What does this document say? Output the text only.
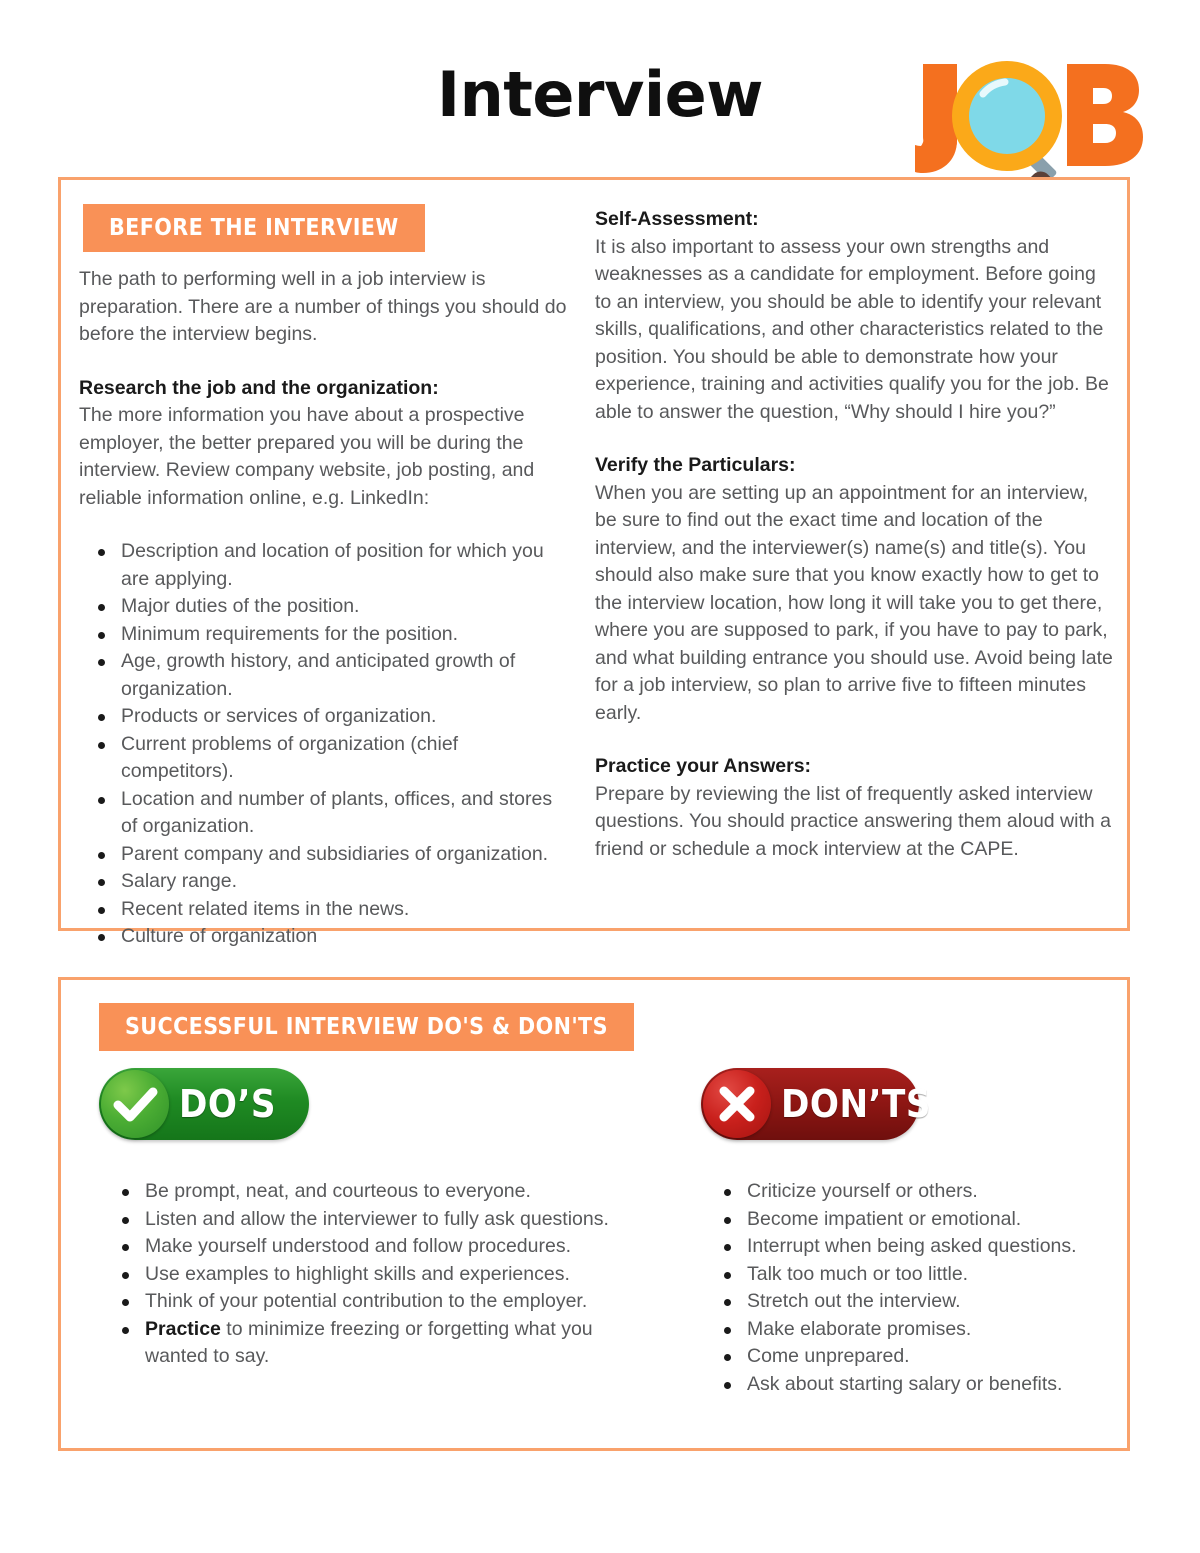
Interview
BEFORE THE INTERVIEW

The path to performing well in a job interview is preparation. There are a number of things you should do before the interview begins.

Research the job and the organization:

The more information you have about a prospective employer, the better prepared you will be during the interview. Review company website, job posting, and reliable information online, e.g. LinkedIn:

Description and location of position for which you are applying.
Major duties of the position.
Minimum requirements for the position.
Age, growth history, and anticipated growth of organization.
Products or services of organization.
Current problems of organization (chief competitors).
Location and number of plants, offices, and stores of organization.
Parent company and subsidiaries of organization.
Salary range.
Recent related items in the news.
Culture of organization

Self-Assessment:

It is also important to assess your own strengths and weaknesses as a candidate for employment. Before going to an interview, you should be able to identify your relevant skills, qualifications, and other characteristics related to the position. You should be able to demonstrate how your experience, training and activities qualify you for the job. Be able to answer the question, “Why should I hire you?”

Verify the Particulars:

When you are setting up an appointment for an interview, be sure to find out the exact time and location of the interview, and the interviewer(s) name(s) and title(s). You should also make sure that you know exactly how to get to the interview location, how long it will take you to get there, where you are supposed to park, if you have to pay to park, and what building entrance you should use. Avoid being late for a job interview, so plan to arrive five to fifteen minutes early.

Practice your Answers:

Prepare by reviewing the list of frequently asked interview questions. You should practice answering them aloud with a friend or schedule a mock interview at the CAPE.

SUCCESSFUL INTERVIEW DO'S & DON'TS
DO’S
Be prompt, neat, and courteous to everyone.
Listen and allow the interviewer to fully ask questions.
Make yourself understood and follow procedures.
Use examples to highlight skills and experiences.
Think of your potential contribution to the employer.
Practice to minimize freezing or forgetting what you wanted to say.
DON’TS
Criticize yourself or others.
Become impatient or emotional.
Interrupt when being asked questions.
Talk too much or too little.
Stretch out the interview.
Make elaborate promises.
Come unprepared.
Ask about starting salary or benefits.
